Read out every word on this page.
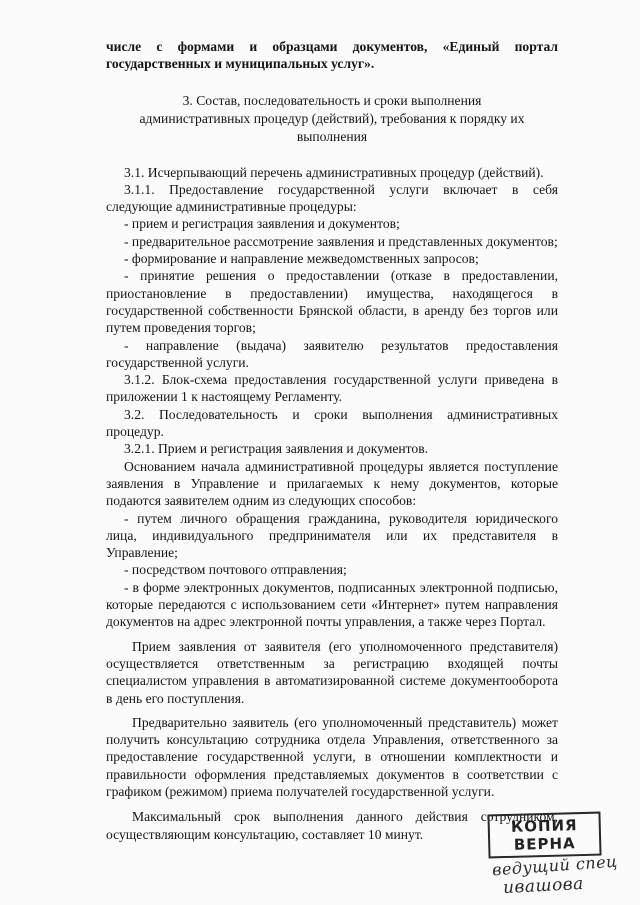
числе с формами и образцами документов, «Единый портал государственных и муниципальных услуг».

3. Состав, последовательность и сроки выполнения
административных процедур (действий), требования к порядку их
выполнения

3.1. Исчерпывающий перечень административных процедур (действий).

3.1.1. Предоставление государственной услуги включает в себя следующие административные процедуры:

- прием и регистрация заявления и документов;

- предварительное рассмотрение заявления и представленных документов;

- формирование и направление межведомственных запросов;

- принятие решения о предоставлении (отказе в предоставлении, приостановление в предоставлении) имущества, находящегося в государственной собственности Брянской области, в аренду без торгов или путем проведения торгов;

- направление (выдача) заявителю результатов предоставления государственной услуги.

3.1.2. Блок-схема предоставления государственной услуги приведена в приложении 1 к настоящему Регламенту.

3.2. Последовательность и сроки выполнения административных процедур.

3.2.1. Прием и регистрация заявления и документов.

Основанием начала административной процедуры является поступление заявления в Управление и прилагаемых к нему документов, которые подаются заявителем одним из следующих способов:

- путем личного обращения гражданина, руководителя юридического лица, индивидуального предпринимателя или их представителя в Управление;

- посредством почтового отправления;

- в форме электронных документов, подписанных электронной подписью, которые передаются с использованием сети «Интернет» путем направления документов на адрес электронной почты управления, а также через Портал.

Прием заявления от заявителя (его уполномоченного представителя) осуществляется ответственным за регистрацию входящей почты специалистом управления в автоматизированной системе документооборота в день его поступления.

Предварительно заявитель (его уполномоченный представитель) может получить консультацию сотрудника отдела Управления, ответственного за предоставление государственной услуги, в отношении комплектности и правильности оформления представляемых документов в соответствии с графиком (режимом) приема получателей государственной услуги.

Максимальный срок выполнения данного действия сотрудником, осуществляющим консультацию, составляет 10 минут.	КОПИЯ
ВЕРНА
ведущий спец
ивашова
